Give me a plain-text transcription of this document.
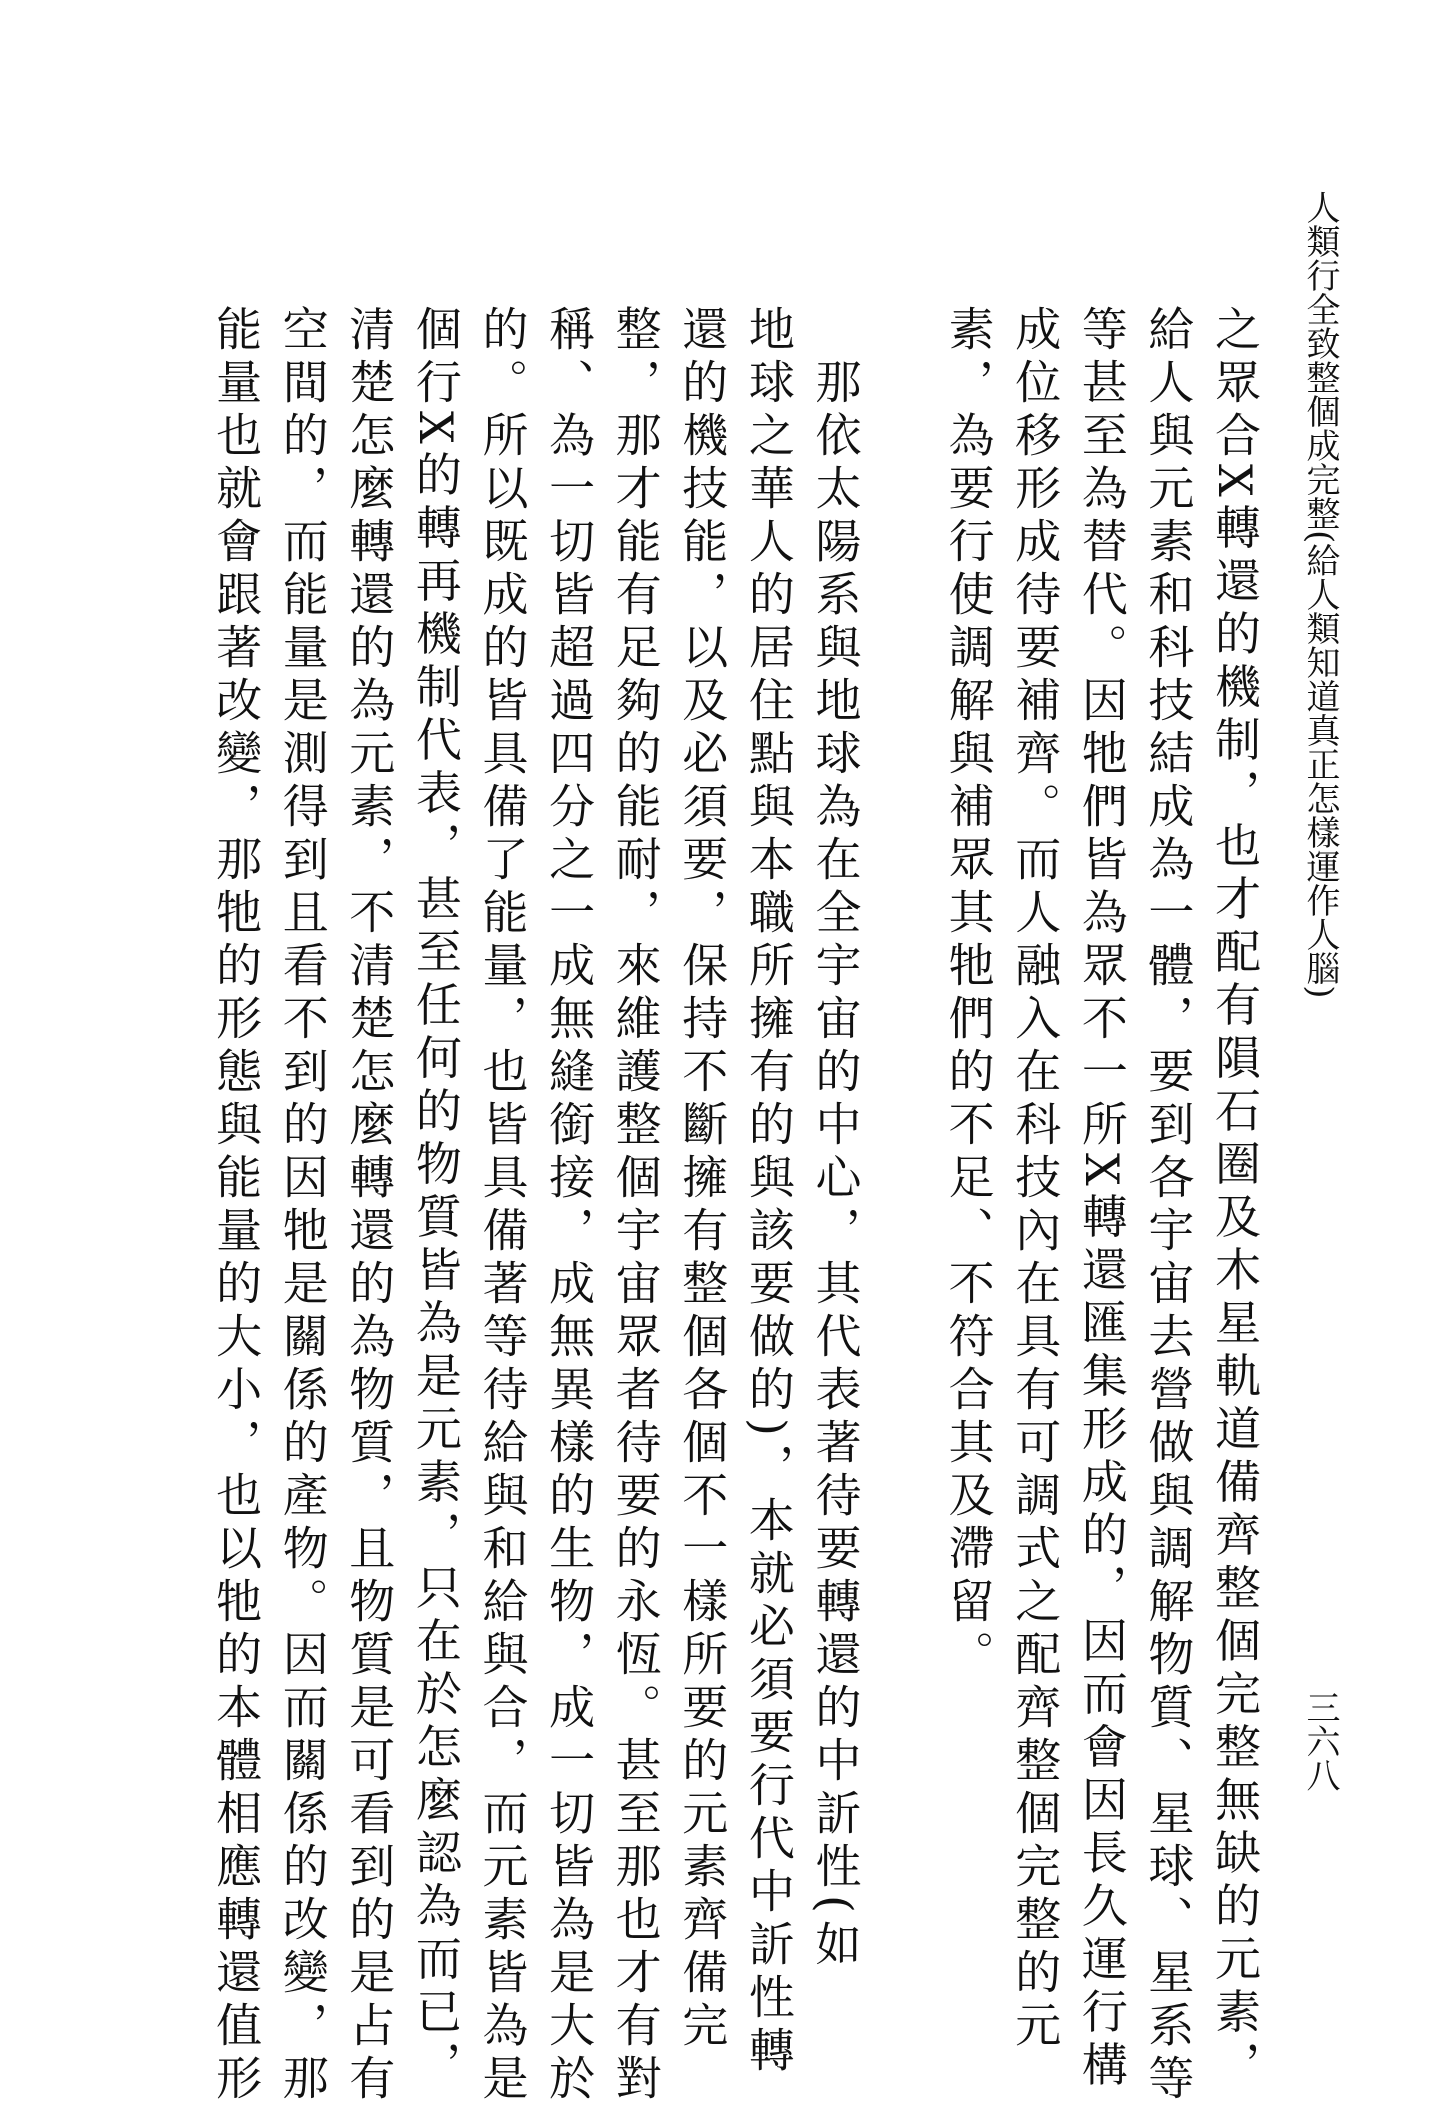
人類行全致整個成完整(給人類知道真正怎樣運作人腦)
三六八
之眾合X轉還的機制，也才配有隕石圈及木星軌道備齊整個完整無缺的元素，
給人與元素和科技結成為一體，要到各宇宙去營做與調解物質、星球、星系等
等甚至為替代。因牠們皆為眾不一所X轉還匯集形成的，因而會因長久運行構
成位移形成待要補齊。而人融入在科技內在具有可調式之配齊整個完整的元
素，為要行使調解與補眾其牠們的不足、不符合其及滯留。
　那依太陽系與地球為在全宇宙的中心，其代表著待要轉還的中訢性(如
地球之華人的居住點與本職所擁有的與該要做的)，本就必須要行代中訢性轉
還的機技能，以及必須要，保持不斷擁有整個各個不一樣所要的元素齊備完
整，那才能有足夠的能耐，來維護整個宇宙眾者待要的永恆。甚至那也才有對
稱、為一切皆超過四分之一成無縫銜接，成無異樣的生物，成一切皆為是大於
的。所以既成的皆具備了能量，也皆具備著等待給與和給與合，而元素皆為是
個行X的轉再機制代表，甚至任何的物質皆為是元素，只在於怎麼認為而已，
清楚怎麼轉還的為元素，不清楚怎麼轉還的為物質，且物質是可看到的是占有
空間的，而能量是測得到且看不到的因牠是關係的產物。因而關係的改變，那
能量也就會跟著改變，那牠的形態與能量的大小，也以牠的本體相應轉還值形
